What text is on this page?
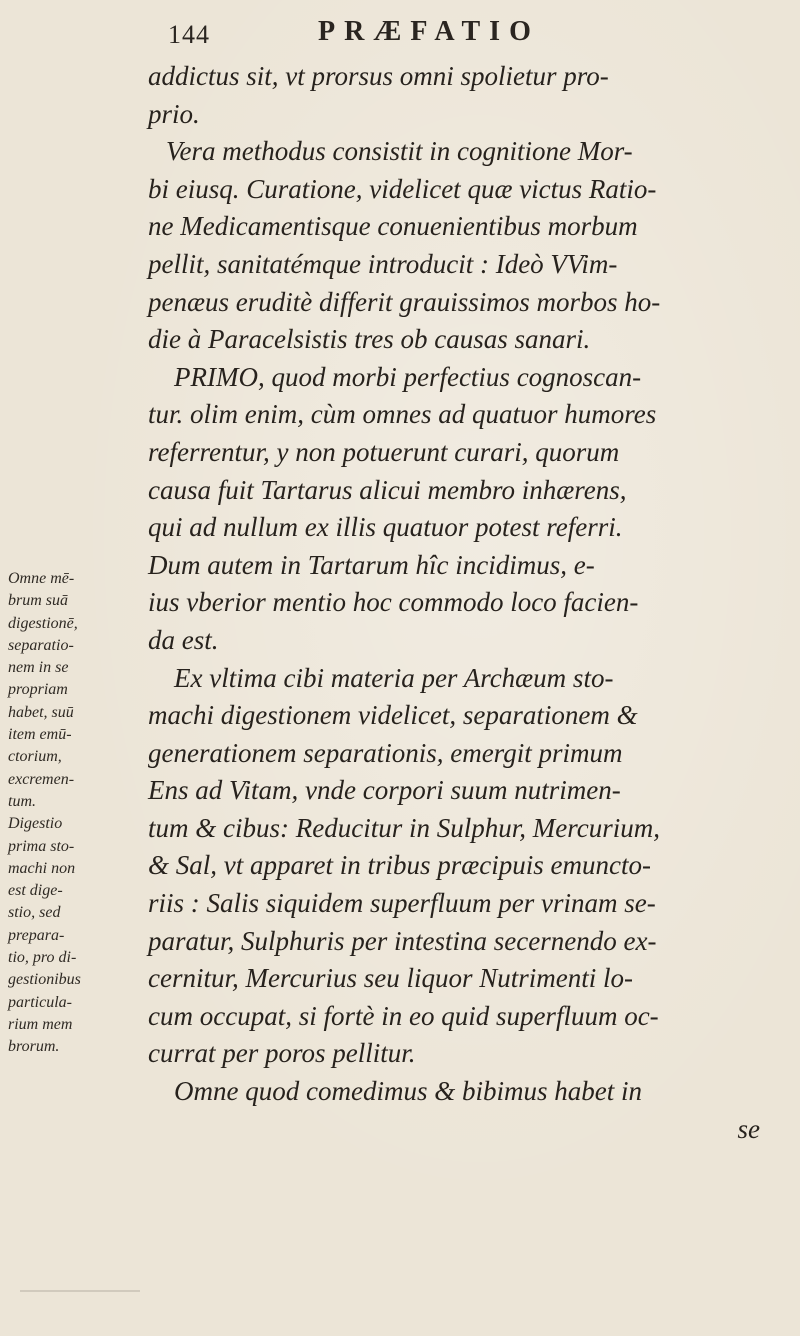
144	PRÆFATIO
addictus sit, vt prorsus omni spolietur pro-
prio.
Vera methodus consistit in cognitione Mor-
bi eiusq. Curatione, videlicet quæ victus Ratio-
ne Medicamentisque conuenientibus morbum
pellit, sanitatémque introducit : Ideò VVim-
penæus eruditè differit grauissimos morbos ho-
die à Paracelsistis tres ob causas sanari.
PRIMO, quod morbi perfectius cognoscan-
tur. olim enim, cùm omnes ad quatuor humores
referrentur, y non potuerunt curari, quorum
causa fuit Tartarus alicui membro inhærens,
qui ad nullum ex illis quatuor potest referri.
Dum autem in Tartarum hîc incidimus, e-
ius vberior mentio hoc commodo loco facien-
da est.
Ex vltima cibi materia per Archæum sto-
machi digestionem videlicet, separationem &
generationem separationis, emergit primum
Ens ad Vitam, vnde corpori suum nutrimen-
tum & cibus: Reducitur in Sulphur, Mercurium,
& Sal, vt apparet in tribus præcipuis emuncto-
riis : Salis siquidem superfluum per vrinam se-
paratur, Sulphuris per intestina secernendo ex-
cernitur, Mercurius seu liquor Nutrimenti lo-
cum occupat, si fortè in eo quid superfluum oc-
currat per poros pellitur.
Omne quod comedimus & bibimus habet in
se
Omne mē-
brum suā
digestionē,
separatio-
nem in se
propriam
habet, suū
item emū-
ctorium,
excremen-
tum.
Digestio
prima sto-
machi non
est dige-
stio, sed
prepara-
tio, pro di-
gestionibus
particula-
rium mem
brorum.
